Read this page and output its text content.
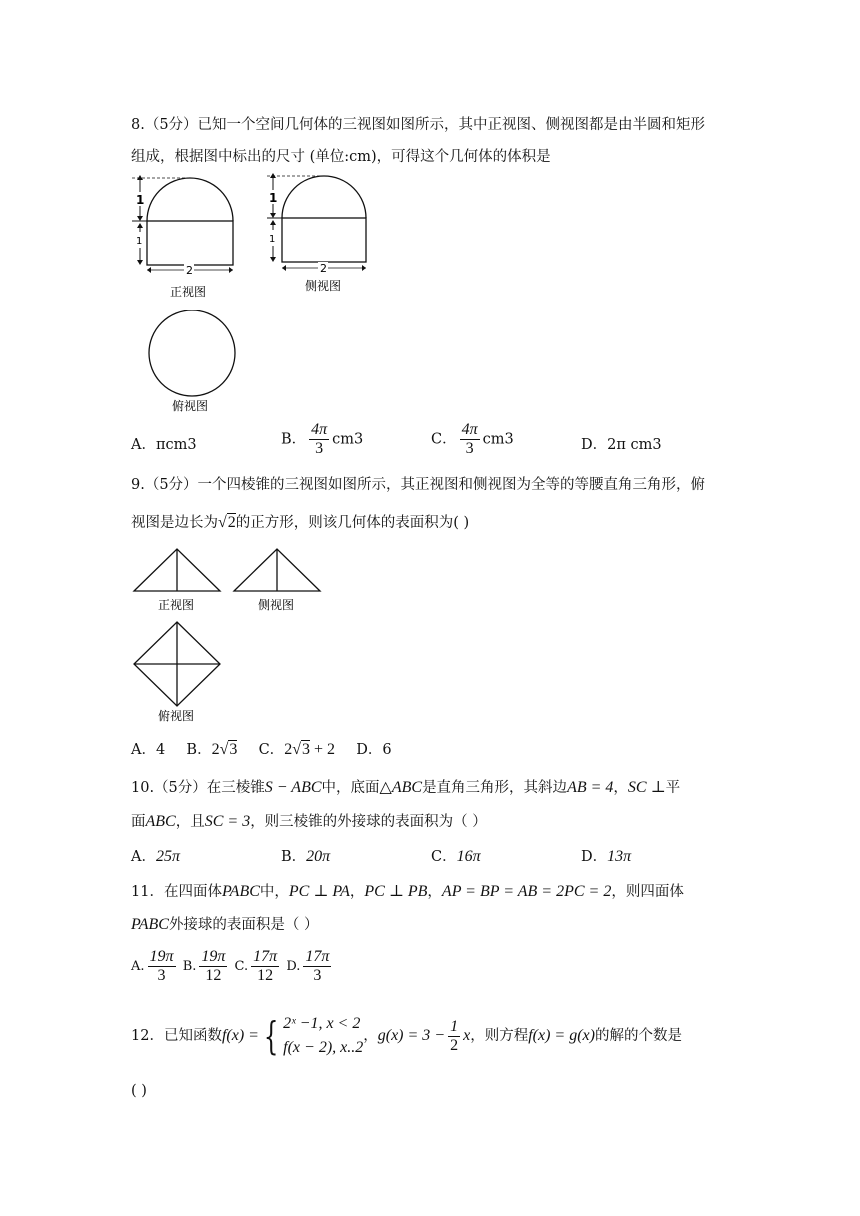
8.（5分）已知一个空间几何体的三视图如图所示，其中正视图、侧视图都是由半圆和矩形
组成，根据图中标出的尺寸 (单位:cm)，可得这个几何体的体积是
1
1
2
正视图
1
1
2
侧视图
俯视图
A．πcm3	B． $\frac{4\pi}{3} cm3$	C． $\frac{4\pi}{3} cm3$	D．2π cm3
9.（5分）一个四棱锥的三视图如图所示，其正视图和侧视图为全等的等腰直角三角形，俯
视图是边长为√2的正方形，则该几何体的表面积为( )
正视图	侧视图
俯视图
A．4 B．2√3 C．2√3 + 2 D．6
10.（5分）在三棱锥S − ABC中，底面△ABC是直角三角形，其斜边AB = 4，SC ⊥平
面ABC，且SC = 3，则三棱锥的外接球的表面积为（ ）
A．25π	B．20π	C．16π	D．13π
11．在四面体PABC中，PC ⊥ PA，PC ⊥ PB，AP = BP = AB = 2PC = 2，则四面体
PABC外接球的表面积是（ ）
A. $\frac{19\pi}{3} B$. $\frac{19\pi}{12} C$. $\frac{17\pi}{12} D$. $\frac{17\pi}{3}$
12．已知函数f(x) = { 2ˣ −1, x < 2
f(x − 2), x..2
，$g(x) = 3 - \frac{1}{2}$ x，则方程f(x) = g(x)的解的个数是
( )
